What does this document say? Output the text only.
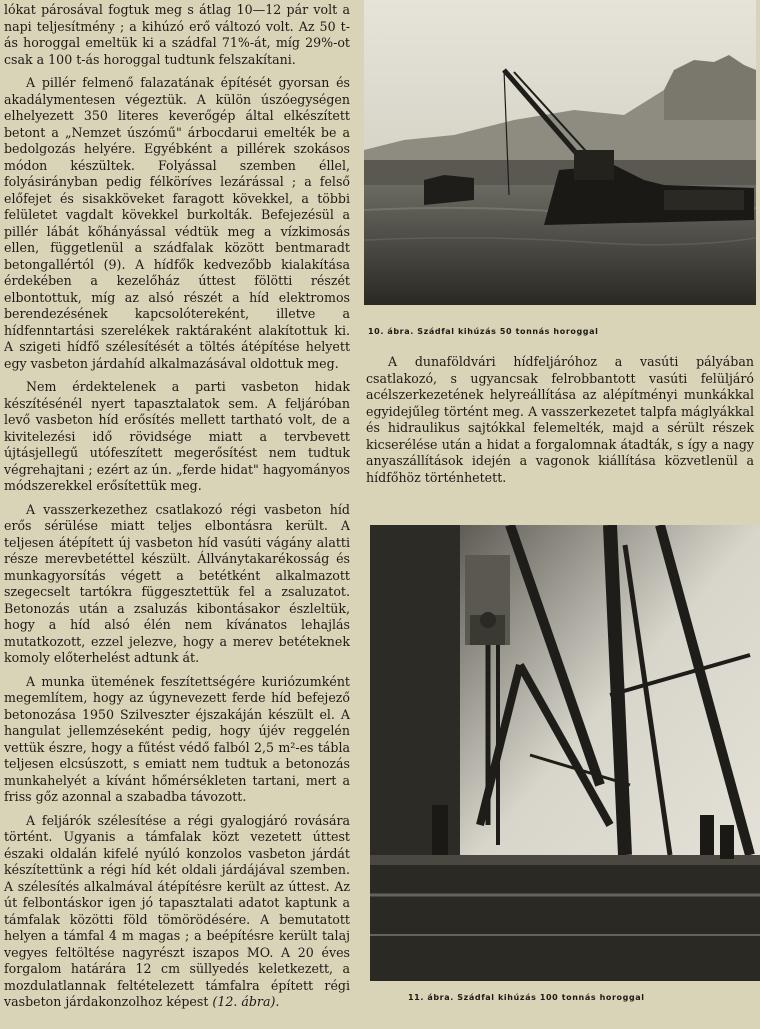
lókat párosával fogtuk meg s átlag 10—12 pár volt a napi teljesítmény ; a kihúzó erő változó volt. Az 50 t-ás horoggal emeltük ki a szádfal 71%-át, míg 29%-ot csak a 100 t-ás horoggal tudtunk felszakítani.

A pillér felmenő falazatának építését gyorsan és akadálymentesen végeztük. A külön úszóegységen elhelyezett 350 literes keverőgép által elkészített betont a „Nemzet úszómű" árbocdarui emelték be a bedolgozás helyére. Egyébként a pillérek szokásos módon készültek. Folyással szemben éllel, folyásirányban pedig félköríves lezárással ; a felső előfejet és sisakköveket faragott kövekkel, a többi felületet vagdalt kövekkel burkolták. Befejezésül a pillér lábát kőhányással védtük meg a vízkimosás ellen, függetlenül a szádfalak között bentmaradt betongallértól (9). A hídfők kedvezőbb kialakítása érdekében a kezelőház úttest fölötti részét elbontottuk, míg az alsó részét a híd elektromos berendezésének kapcsolótereként, illetve a hídfenntartási szerelékek raktáraként alakítottuk ki. A szigeti hídfő szélesítését a töltés átépítése helyett egy vasbeton járdahíd alkalmazásával oldottuk meg.

Nem érdektelenek a parti vasbeton hidak készítésénél nyert tapasztalatok sem. A feljáróban levő vasbeton híd erősítés mellett tartható volt, de a kivitelezési idő rövidsége miatt a tervbevett újtásjellegű utófeszített megerősítést nem tudtuk végrehajtani ; ezért az ún. „ferde hidat" hagyományos módszerekkel erősítettük meg.

A vasszerkezethez csatlakozó régi vasbeton híd erős sérülése miatt teljes elbontásra került. A teljesen átépített új vasbeton híd vasúti vágány alatti része merevbetéttel készült. Állványtakarékosság és munkagyorsítás végett a betétként alkalmazott szegecselt tartókra függesztettük fel a zsaluzatot. Betonozás után a zsaluzás kibontásakor észleltük, hogy a híd alsó élén nem kívánatos lehajlás mutatkozott, ezzel jelezve, hogy a merev betéteknek komoly előterhelést adtunk át.

A munka ütemének feszítettségére kuriózumként megemlítem, hogy az úgynevezett ferde híd befejező betonozása 1950 Szilveszter éjszakáján készült el. A hangulat jellemzéseként pedig, hogy újév reggelén vettük észre, hogy a fűtést védő falból 2,5 m²-es tábla teljesen elcsúszott, s emiatt nem tudtuk a betonozás munkahelyét a kívánt hőmérsékleten tartani, mert a friss gőz azonnal a szabadba távozott.

A feljárók szélesítése a régi gyalogjáró rovására történt. Ugyanis a támfalak közt vezetett úttest északi oldalán kifelé nyúló konzolos vasbeton járdát készítettünk a régi híd két oldali járdájával szemben. A szélesítés alkalmával átépítésre került az úttest. Az út felbontáskor igen jó tapasztalati adatot kaptunk a támfalak közötti föld tömörödésére. A bemutatott helyen a támfal 4 m magas ; a beépítésre került talaj vegyes feltöltése nagyrészt iszapos MO. A 20 éves forgalom határára 12 cm süllyedés keletkezett, a mozdulatlannak feltételezett támfalra épített régi vasbeton járdakonzolhoz képest (12. ábra).

10. ábra. Szádfal kihúzás 50 tonnás horoggal

A dunaföldvári hídfeljáróhoz a vasúti pályában csatlakozó, s ugyancsak felrobbantott vasúti felüljáró acélszerkezetének helyreállítása az alépítményi munkákkal egyidejűleg történt meg. A vasszerkezetet talpfa máglyákkal és hidraulikus sajtókkal felemelték, majd a sérült részek kicserélése után a hidat a forgalomnak átadták, s így a nagy anyaszállítások idején a vagonok kiállítása közvetlenül a hídfőhöz történhetett.

11. ábra. Szádfal kihúzás 100 tonnás horoggal
